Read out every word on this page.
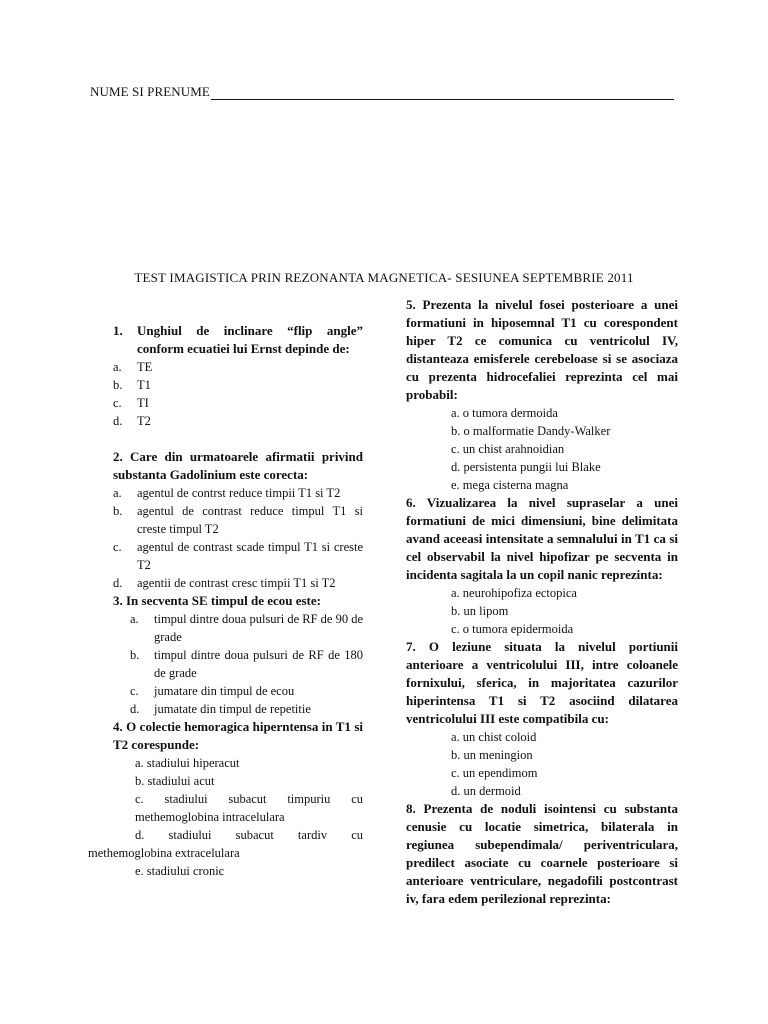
NUME SI PRENUME
TEST IMAGISTICA PRIN REZONANTA MAGNETICA- SESIUNEA SEPTEMBRIE 2011
1. Unghiul de inclinare “flip angle” conform ecuatiei lui Ernst depinde de:
a.	TE
b.	T1
c.	TI
d.	T2
2. Care din urmatoarele afirmatii privind substanta Gadolinium este corecta:
a.	agentul de contrst reduce timpii T1 si T2
b.	agentul de contrast reduce timpul T1 si creste timpul T2
c.	agentul de contrast scade timpul T1 si creste T2
d.	agentii de contrast cresc timpii T1 si T2
3. In secventa SE timpul de ecou este:
a.	timpul dintre doua pulsuri de RF de 90 de grade
b.	timpul dintre doua pulsuri de RF de 180 de grade
c.	jumatare din timpul de ecou
d.	jumatate din timpul de repetitie
4. O colectie hemoragica hiperntensa in T1 si T2 corespunde:
a. stadiului hiperacut
b. stadiului acut
c. stadiului subacut timpuriu cu methemoglobina intracelulara
d. stadiului subacut tardiv cu methemoglobina extracelulara
e. stadiului cronic
5. Prezenta la nivelul fosei posterioare a unei formatiuni in hiposemnal T1 cu corespondent hiper T2 ce comunica cu ventricolul IV, distanteaza emisferele cerebeloase si se asociaza cu prezenta hidrocefaliei reprezinta cel mai probabil:
a. o tumora dermoida
b. o malformatie Dandy-Walker
c. un chist arahnoidian
d. persistenta pungii lui Blake
e. mega cisterna magna
6. Vizualizarea la nivel supraselar a unei formatiuni de mici dimensiuni, bine delimitata avand aceeasi intensitate a semnalului in T1 ca si cel observabil la nivel hipofizar pe secventa in incidenta sagitala la un copil nanic reprezinta:
a. neurohipofiza ectopica
b. un lipom
c. o tumora epidermoida
7. O leziune situata la nivelul portiunii anterioare a ventricolului III, intre coloanele fornixului, sferica, in majoritatea cazurilor hiperintensa T1 si T2 asociind dilatarea ventricolului III este compatibila cu:
a. un chist coloid
b. un meningion
c. un ependimom
d. un dermoid
8. Prezenta de noduli isointensi cu substanta cenusie cu locatie simetrica, bilaterala in regiunea subependimala/ periventriculara, predilect asociate cu coarnele posterioare si anterioare ventriculare, negadofili postcontrast iv, fara edem perilezional reprezinta:
